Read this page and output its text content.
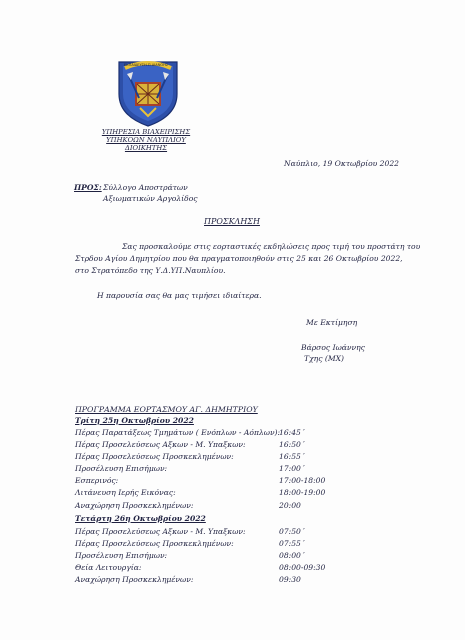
ΕΚΠΑΙΔΕΥΣΗ Π ΔΙΑΝΟΗΣ
ΥΠΗΡΕΣΙΑ ΒΙΑΧΕΙΡΙΣΗΣ
ΥΠΗΚΟΩΝ ΝΑΥΠΛΙΟΥ
ΔΙΟΙΚΗΤΗΣ
Ναύπλιο, 19 Οκτωβρίου 2022
ΠΡΟΣ: Σύλλογο Αποστράτων
Αξιωματικών Αργολίδος
ΠΡΟΣΚΛΗΣΗ
Σας προσκαλούμε στις εορταστικές εκδηλώσεις προς τιμή του προστάτη του
Στρδου Αγίου Δημητρίου που θα πραγματοποιηθούν στις 25 και 26 Οκτωβρίου 2022,
στο Στρατόπεδο της Υ.Δ.ΥΠ.Ναυπλίου.
Η παρουσία σας θα μας τιμήσει ιδιαίτερα.
Με Εκτίμηση
Βάρσος Ιωάννης
Τχης (ΜΧ)
ΠΡΟΓΡΑΜΜΑ ΕΟΡΤΑΣΜΟΥ ΑΓ. ΔΗΜΗΤΡΙΟΥ
Τρίτη 25η Οκτωβρίου 2022
Πέρας Παρατάξεως Τμημάτων ( Ενόπλων - Αόπλων):
16:45΄
Πέρας Προσελεύσεως Αξκων - Μ. Υπαξκων:	16:50΄
Πέρας Προσελεύσεως Προσκεκλημένων:	16:55΄
Προσέλευση Επισήμων:	17:00΄
Εσπερινός:	17:00-18:00
Λιτάνευση Ιερής Εικόνας:	18:00-19:00
Αναχώρηση Προσκεκλημένων:	20:00
Τετάρτη 26η Οκτωβρίου 2022
Πέρας Προσελεύσεως Αξκων - Μ. Υπαξκων:	07:50΄
Πέρας Προσελεύσεως Προσκεκλημένων:	07:55΄
Προσέλευση Επισήμων:	08:00΄
Θεία Λειτουργία:	08:00-09:30
Αναχώρηση Προσκεκλημένων:	09:30
